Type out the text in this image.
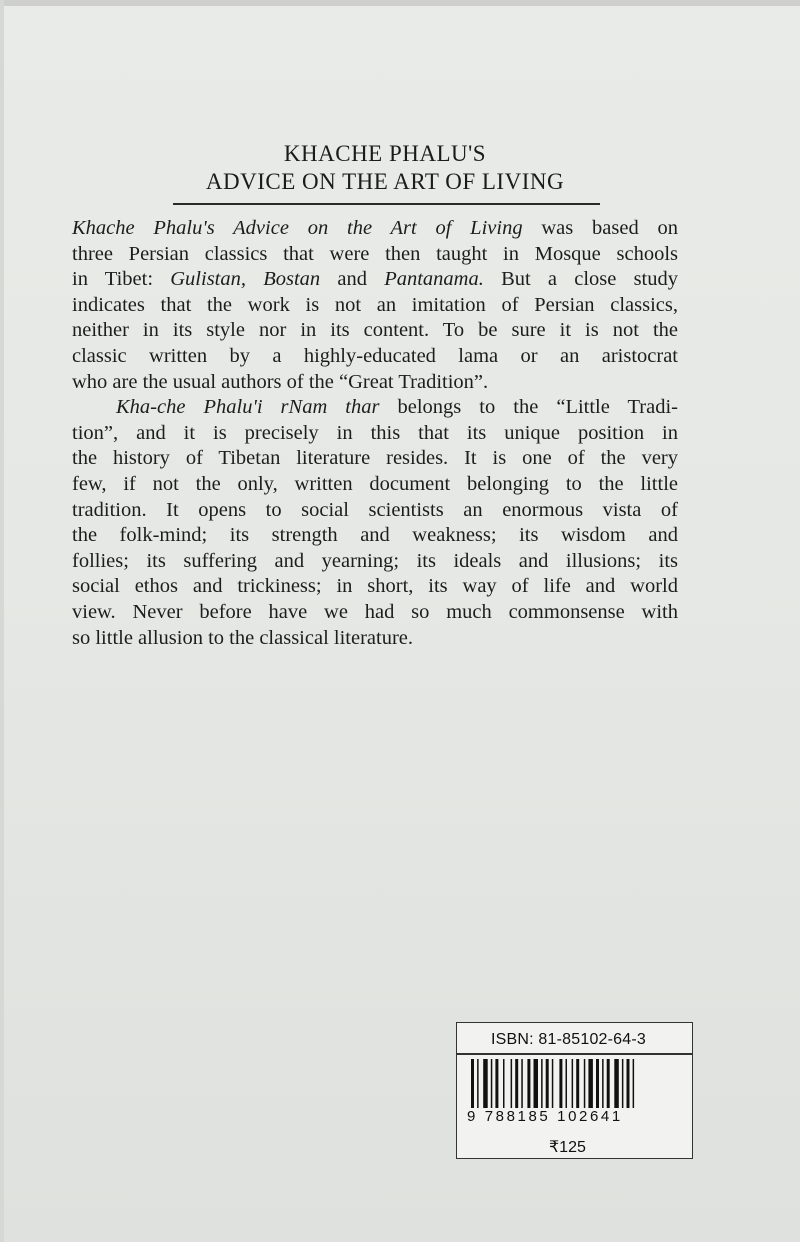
KHACHE PHALU'S
ADVICE ON THE ART OF LIVING
Khache Phalu's Advice on the Art of Living was based on
three Persian classics that were then taught in Mosque schools
in Tibet: Gulistan, Bostan and Pantanama. But a close study
indicates that the work is not an imitation of Persian classics,
neither in its style nor in its content. To be sure it is not the
classic written by a highly-educated lama or an aristocrat
who are the usual authors of the “Great Tradition”.
Kha-che Phalu'i rNam thar belongs to the “Little Tradi-
tion”, and it is precisely in this that its unique position in
the history of Tibetan literature resides. It is one of the very
few, if not the only, written document belonging to the little
tradition. It opens to social scientists an enormous vista of
the folk-mind; its strength and weakness; its wisdom and
follies; its suffering and yearning; its ideals and illusions; its
social ethos and trickiness; in short, its way of life and world
view. Never before have we had so much commonsense with
so little allusion to the classical literature.
ISBN: 81-85102-64-3
9 788185 102641
₹125
